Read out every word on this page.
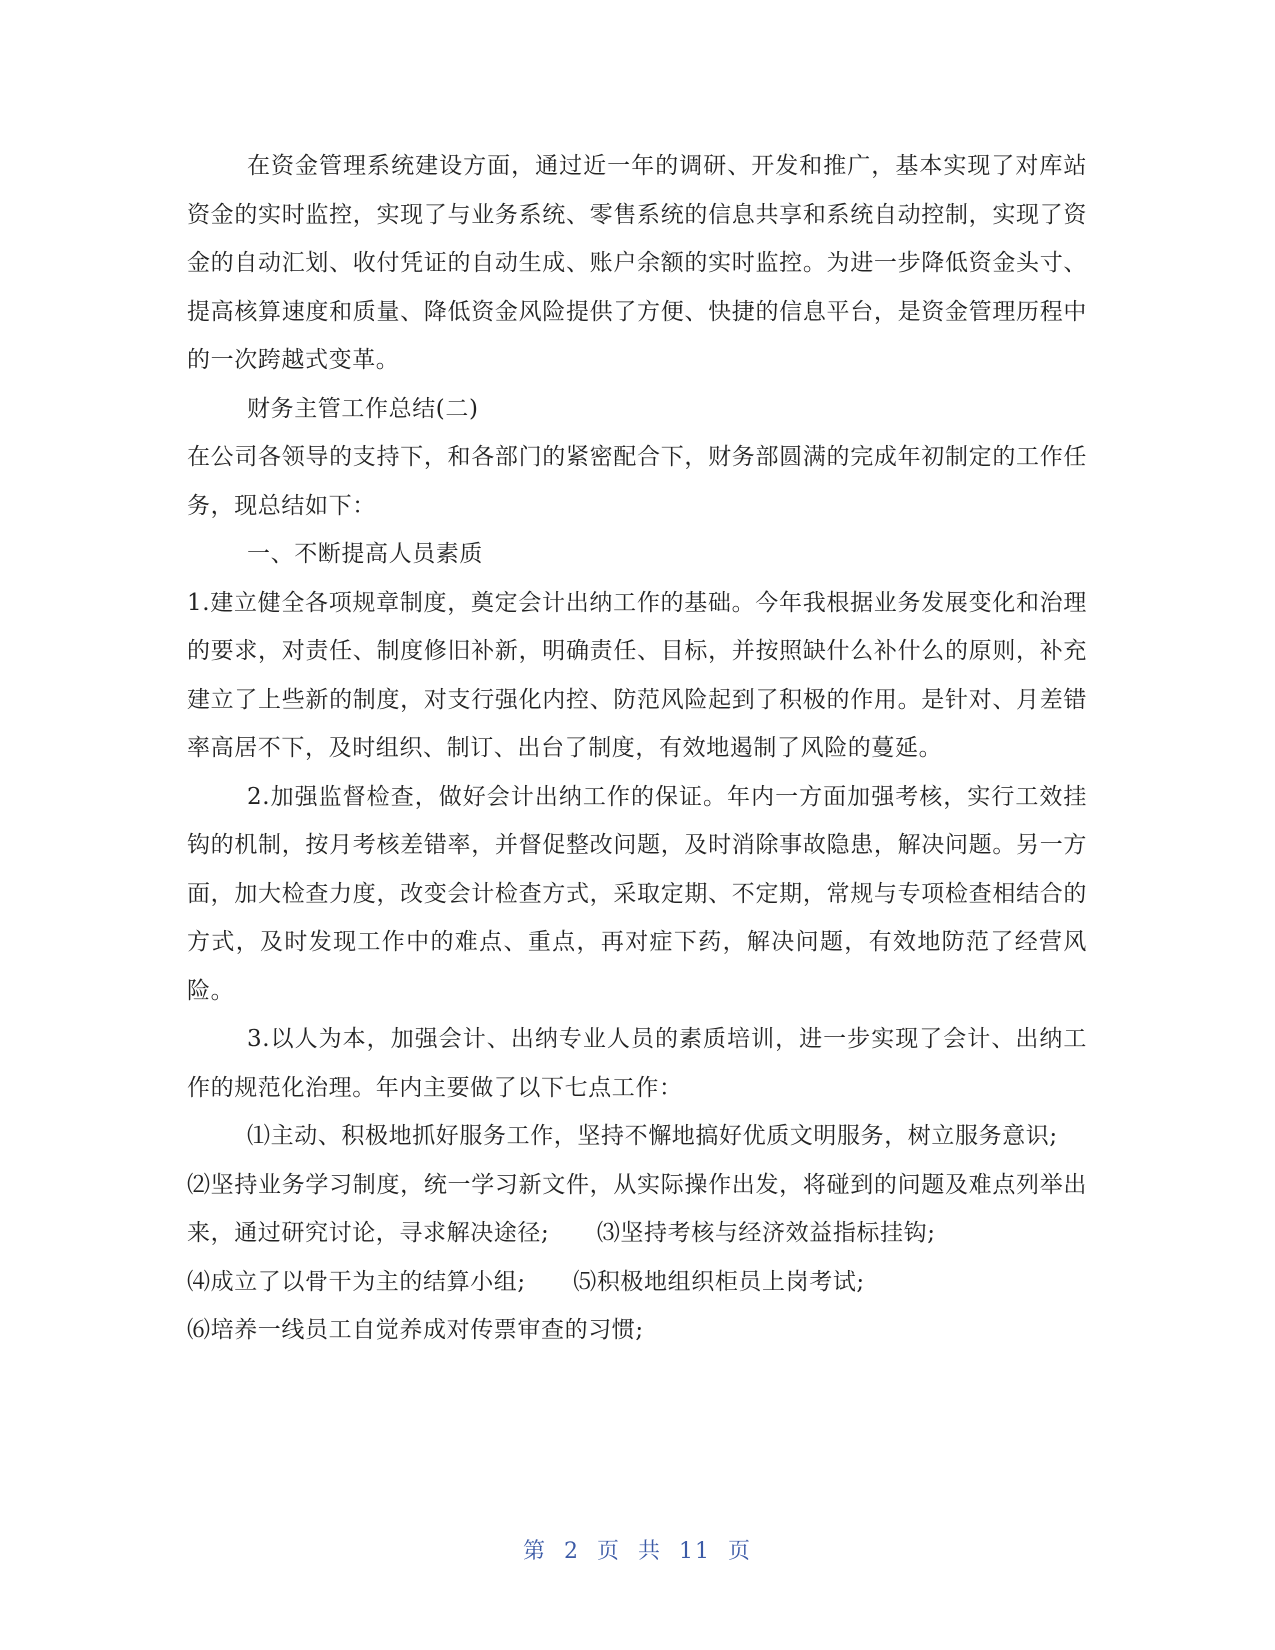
在资金管理系统建设方面，通过近一年的调研、开发和推广，基本实现了对库站资金的实时监控，实现了与业务系统、零售系统的信息共享和系统自动控制，实现了资金的自动汇划、收付凭证的自动生成、账户余额的实时监控。为进一步降低资金头寸、提高核算速度和质量、降低资金风险提供了方便、快捷的信息平台，是资金管理历程中的一次跨越式变革。

财务主管工作总结(二)

在公司各领导的支持下，和各部门的紧密配合下，财务部圆满的完成年初制定的工作任务，现总结如下：

一、不断提高人员素质

1.建立健全各项规章制度，奠定会计出纳工作的基础。今年我根据业务发展变化和治理的要求，对责任、制度修旧补新，明确责任、目标，并按照缺什么补什么的原则，补充建立了上些新的制度，对支行强化内控、防范风险起到了积极的作用。是针对、月差错率高居不下，及时组织、制订、出台了制度，有效地遏制了风险的蔓延。

2.加强监督检查，做好会计出纳工作的保证。年内一方面加强考核，实行工效挂钩的机制，按月考核差错率，并督促整改问题，及时消除事故隐患，解决问题。另一方面，加大检查力度，改变会计检查方式，采取定期、不定期，常规与专项检查相结合的方式，及时发现工作中的难点、重点，再对症下药，解决问题，有效地防范了经营风险。

3.以人为本，加强会计、出纳专业人员的素质培训，进一步实现了会计、出纳工作的规范化治理。年内主要做了以下七点工作：

⑴主动、积极地抓好服务工作，坚持不懈地搞好优质文明服务，树立服务意识;

⑵坚持业务学习制度，统一学习新文件，从实际操作出发，将碰到的问题及难点列举出来，通过研究讨论，寻求解决途径;      ⑶坚持考核与经济效益指标挂钩;

⑷成立了以骨干为主的结算小组;      ⑸积极地组织柜员上岗考试;

⑹培养一线员工自觉养成对传票审查的习惯;

第 2 页 共 11 页
